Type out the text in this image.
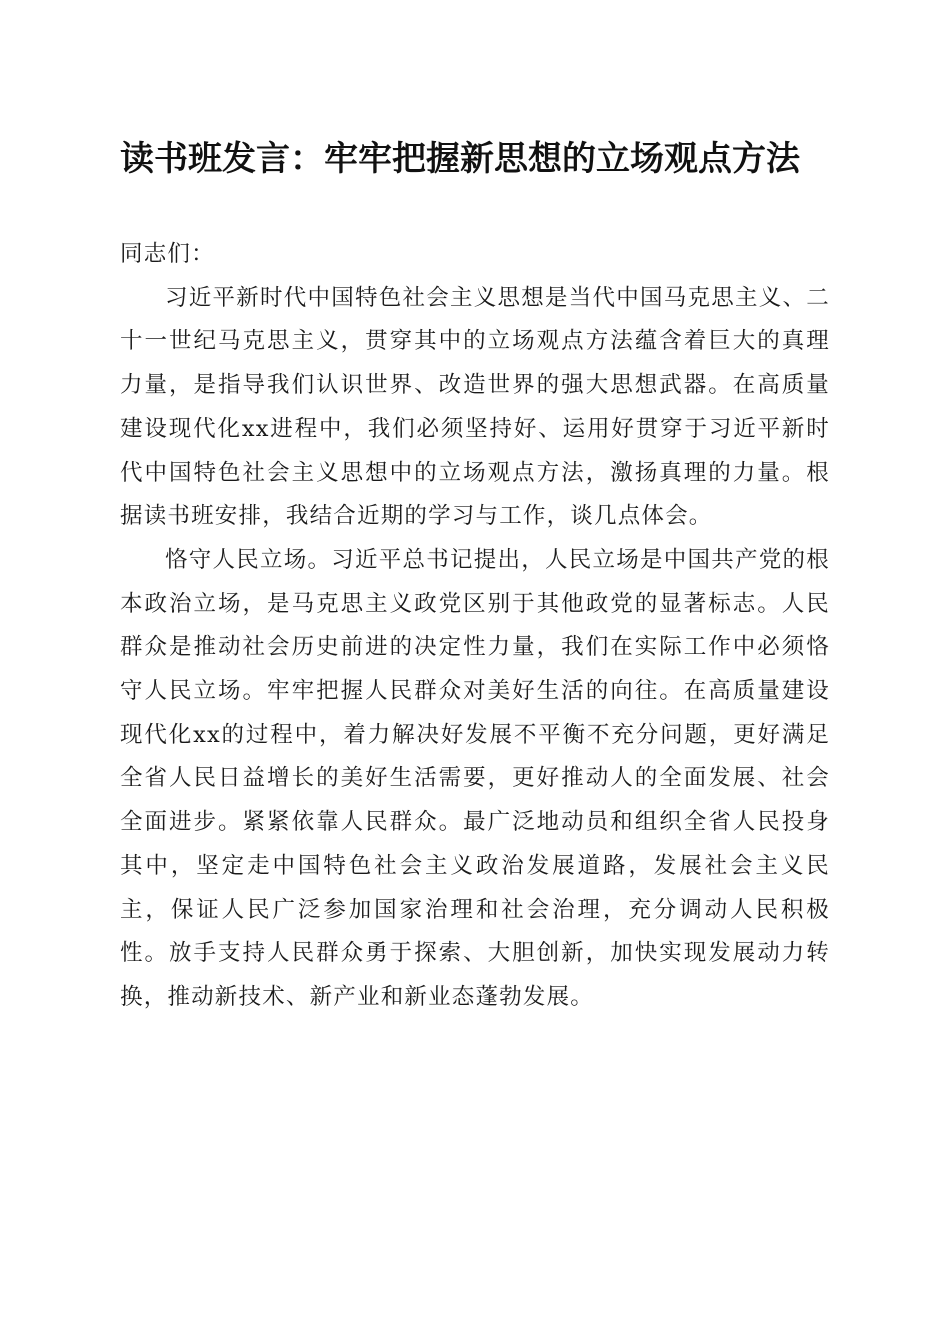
读书班发言：牢牢把握新思想的立场观点方法

同志们：

习近平新时代中国特色社会主义思想是当代中国马克思主义、二十一世纪马克思主义，贯穿其中的立场观点方法蕴含着巨大的真理力量，是指导我们认识世界、改造世界的强大思想武器。在高质量建设现代化xx进程中，我们必须坚持好、运用好贯穿于习近平新时代中国特色社会主义思想中的立场观点方法，激扬真理的力量。根据读书班安排，我结合近期的学习与工作，谈几点体会。

恪守人民立场。习近平总书记提出，人民立场是中国共产党的根本政治立场，是马克思主义政党区别于其他政党的显著标志。人民群众是推动社会历史前进的决定性力量，我们在实际工作中必须恪守人民立场。牢牢把握人民群众对美好生活的向往。在高质量建设现代化xx的过程中，着力解决好发展不平衡不充分问题，更好满足全省人民日益增长的美好生活需要，更好推动人的全面发展、社会全面进步。紧紧依靠人民群众。最广泛地动员和组织全省人民投身其中，坚定走中国特色社会主义政治发展道路，发展社会主义民主，保证人民广泛参加国家治理和社会治理，充分调动人民积极性。放手支持人民群众勇于探索、大胆创新，加快实现发展动力转换，推动新技术、新产业和新业态蓬勃发展。
